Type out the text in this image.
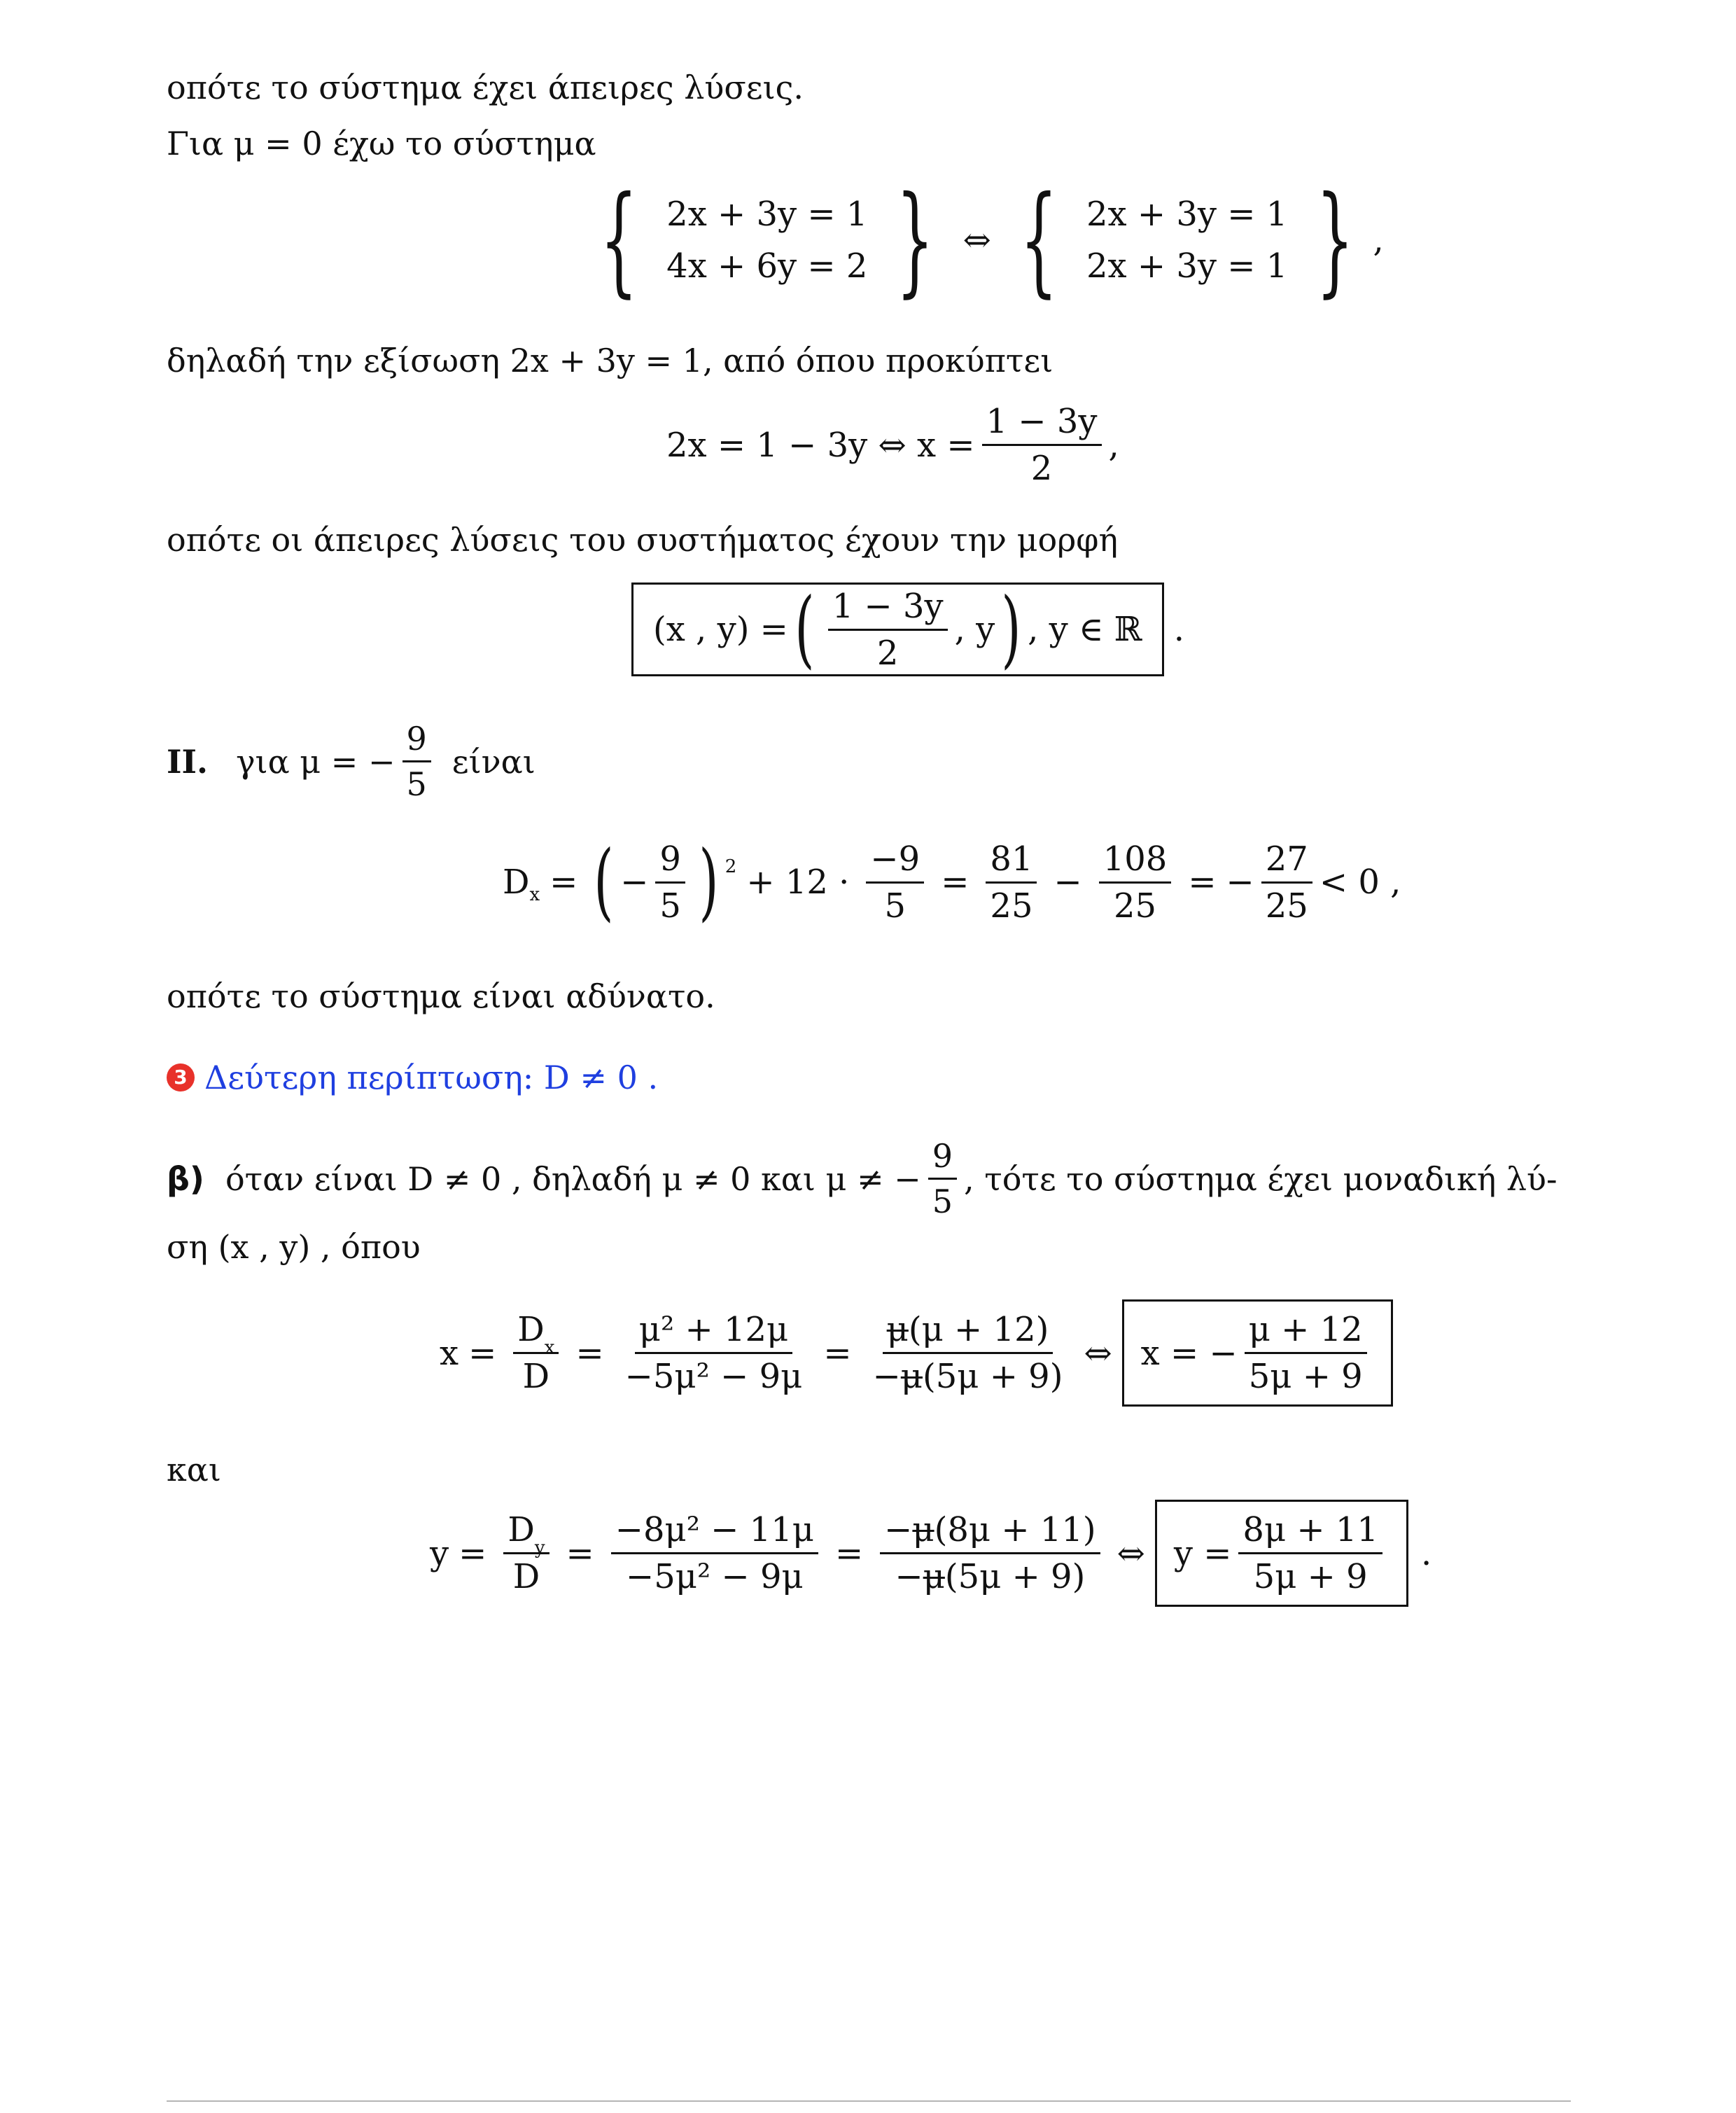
οπότε το σύστημα έχει άπειρες λύσεις.
Για μ = 0 έχω το σύστημα
{ 2x + 3y = 1
4x + 6y = 2 } ⇔ { 2x + 3y = 1
2x + 3y = 1 } ,
δηλαδή την εξίσωση 2x + 3y = 1, από όπου προκύπτει
2x = 1 − 3y ⇔ $x = \frac{1 - 3y}{2}$ ,
οπότε οι άπειρες λύσεις του συστήματος έχουν την μορφή
(x , y) = ( $\frac{1 - 3y}{2}$ , y ) , y ∈ ℝ .
II. για μ = − $\frac{9}{5}$ είναι
D x = ( − $\frac{9}{5}$ ) $2 + 12 \cdot \frac{-9}{5} = \frac{81}{25} - \frac{108}{25}$ = − $\frac{27}{25} < 0$ ,
οπότε το σύστημα είναι αδύνατο.
3 Δεύτερη περίπτωση: D ≠ 0 .
β) όταν είναι D ≠ 0 , δηλαδή μ ≠ 0 και μ ≠ − $\frac{9}{5}$ , τότε το σύστημα έχει μοναδική λύ-
ση (x , y) , όπου
$x = \frac{D_x}{D} = \frac{\text{μ² + 12μ}}{\text{−5μ² − 9μ}} = \frac{\mu(\mu + 12)}{-\mu(5\mu + 9)}$ ⇔ x = − $\frac{\mu + 12}{5\mu + 9}$
και
$y = \frac{D_y}{D} = \frac{\text{−8μ² − 11μ}}{\text{−5μ² − 9μ}} = \frac{-\mu(8\mu + 11)}{-\mu(5\mu + 9)}$ ⇔ $y = \frac{8\mu + 11}{5\mu + 9}$ .
